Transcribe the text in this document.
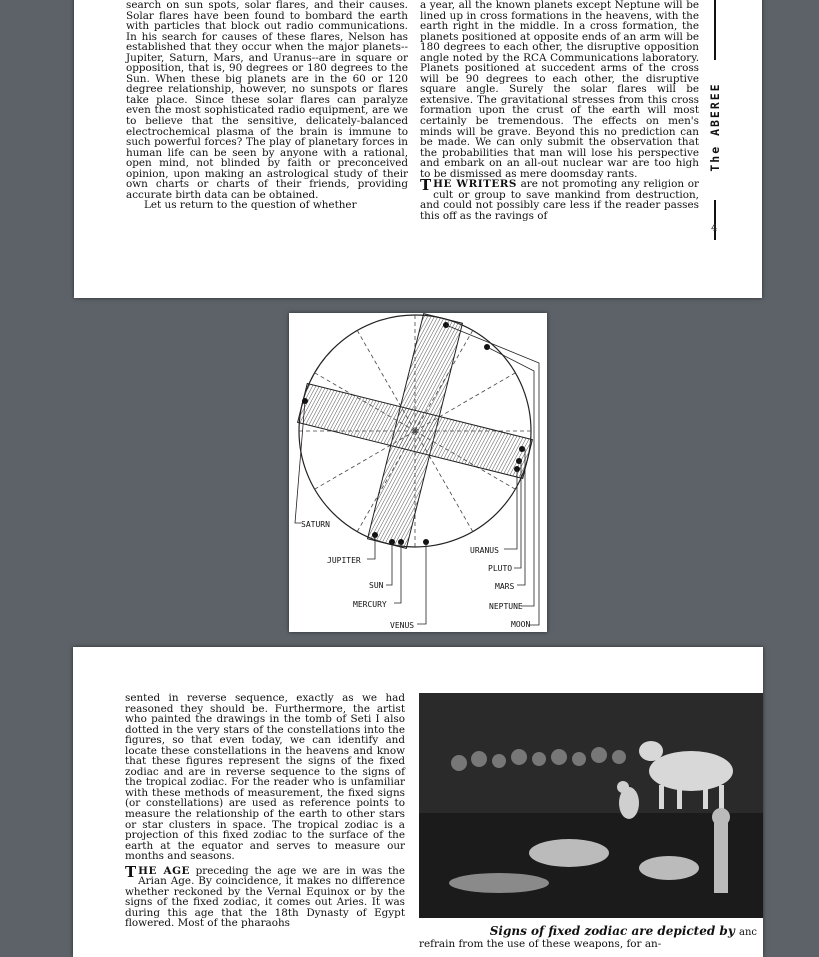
search on sun spots, solar flares, and their causes. Solar flares have been found to bombard the earth with particles that block out radio communications. In his search for causes of these flares, Nelson has established that they occur when the major planets--Jupiter, Saturn, Mars, and Uranus--are in square or opposition, that is, 90 degrees or 180 degrees to the Sun. When these big planets are in the 60 or 120 degree relationship, however, no sunspots or flares take place. Since these solar flares can paralyze even the most sophisticated radio equipment, are we to believe that the sensitive, delicately-balanced electrochemical plasma of the brain is immune to such powerful forces? The play of planetary forces in human life can be seen by anyone with a rational, open mind, not blinded by faith or preconceived opinion, upon making an astrological study of their own charts or charts of their friends, providing accurate birth data can be obtained.

Let us return to the question of whether

a year, all the known planets except Neptune will be lined up in cross formations in the heavens, with the earth right in the middle. In a cross formation, the planets positioned at opposite ends of an arm will be 180 degrees to each other, the disruptive opposition angle noted by the RCA Communications laboratory. Planets positioned at succedent arms of the cross will be 90 degrees to each other, the disruptive square angle. Surely the solar flares will be extensive. The gravitational stresses from this cross formation upon the crust of the earth will most certainly be tremendous. The effects on men's minds will be grave. Beyond this no prediction can be made. We can only submit the observation that the probabilities that man will lose his perspective and embark on an all-out nuclear war are too high to be dismissed as mere doomsday rants.

T HE WRITERS are not promoting any religion or cult or group to save mankind from destruction, and could not possibly care less if the reader passes this off as the ravings of

The ABEREE
4
SATURN
JUPITER
SUN
MERCURY
VENUS
URANUS
PLUTO
MARS
NEPTUNE
MOON

sented in reverse sequence, exactly as we had reasoned they should be. Furthermore, the artist who painted the drawings in the tomb of Seti I also dotted in the very stars of the constellations into the figures, so that even today, we can identify and locate these constellations in the heavens and know that these figures represent the signs of the fixed zodiac and are in reverse sequence to the signs of the tropical zodiac. For the reader who is unfamiliar with these methods of measurement, the fixed signs (or constellations) are used as reference points to measure the relationship of the earth to other stars or star clusters in space. The tropical zodiac is a projection of this fixed zodiac to the surface of the earth at the equator and serves to measure our months and seasons.

T HE AGE preceding the age we are in was the Arian Age. By coincidence, it makes no difference whether reckoned by the Vernal Equinox or by the signs of the fixed zodiac, it comes out Aries. It was during this age that the 18th Dynasty of Egypt flowered. Most of the pharaohs

Signs of fixed zodiac are depicted by anc
refrain from the use of these weapons, for an-
